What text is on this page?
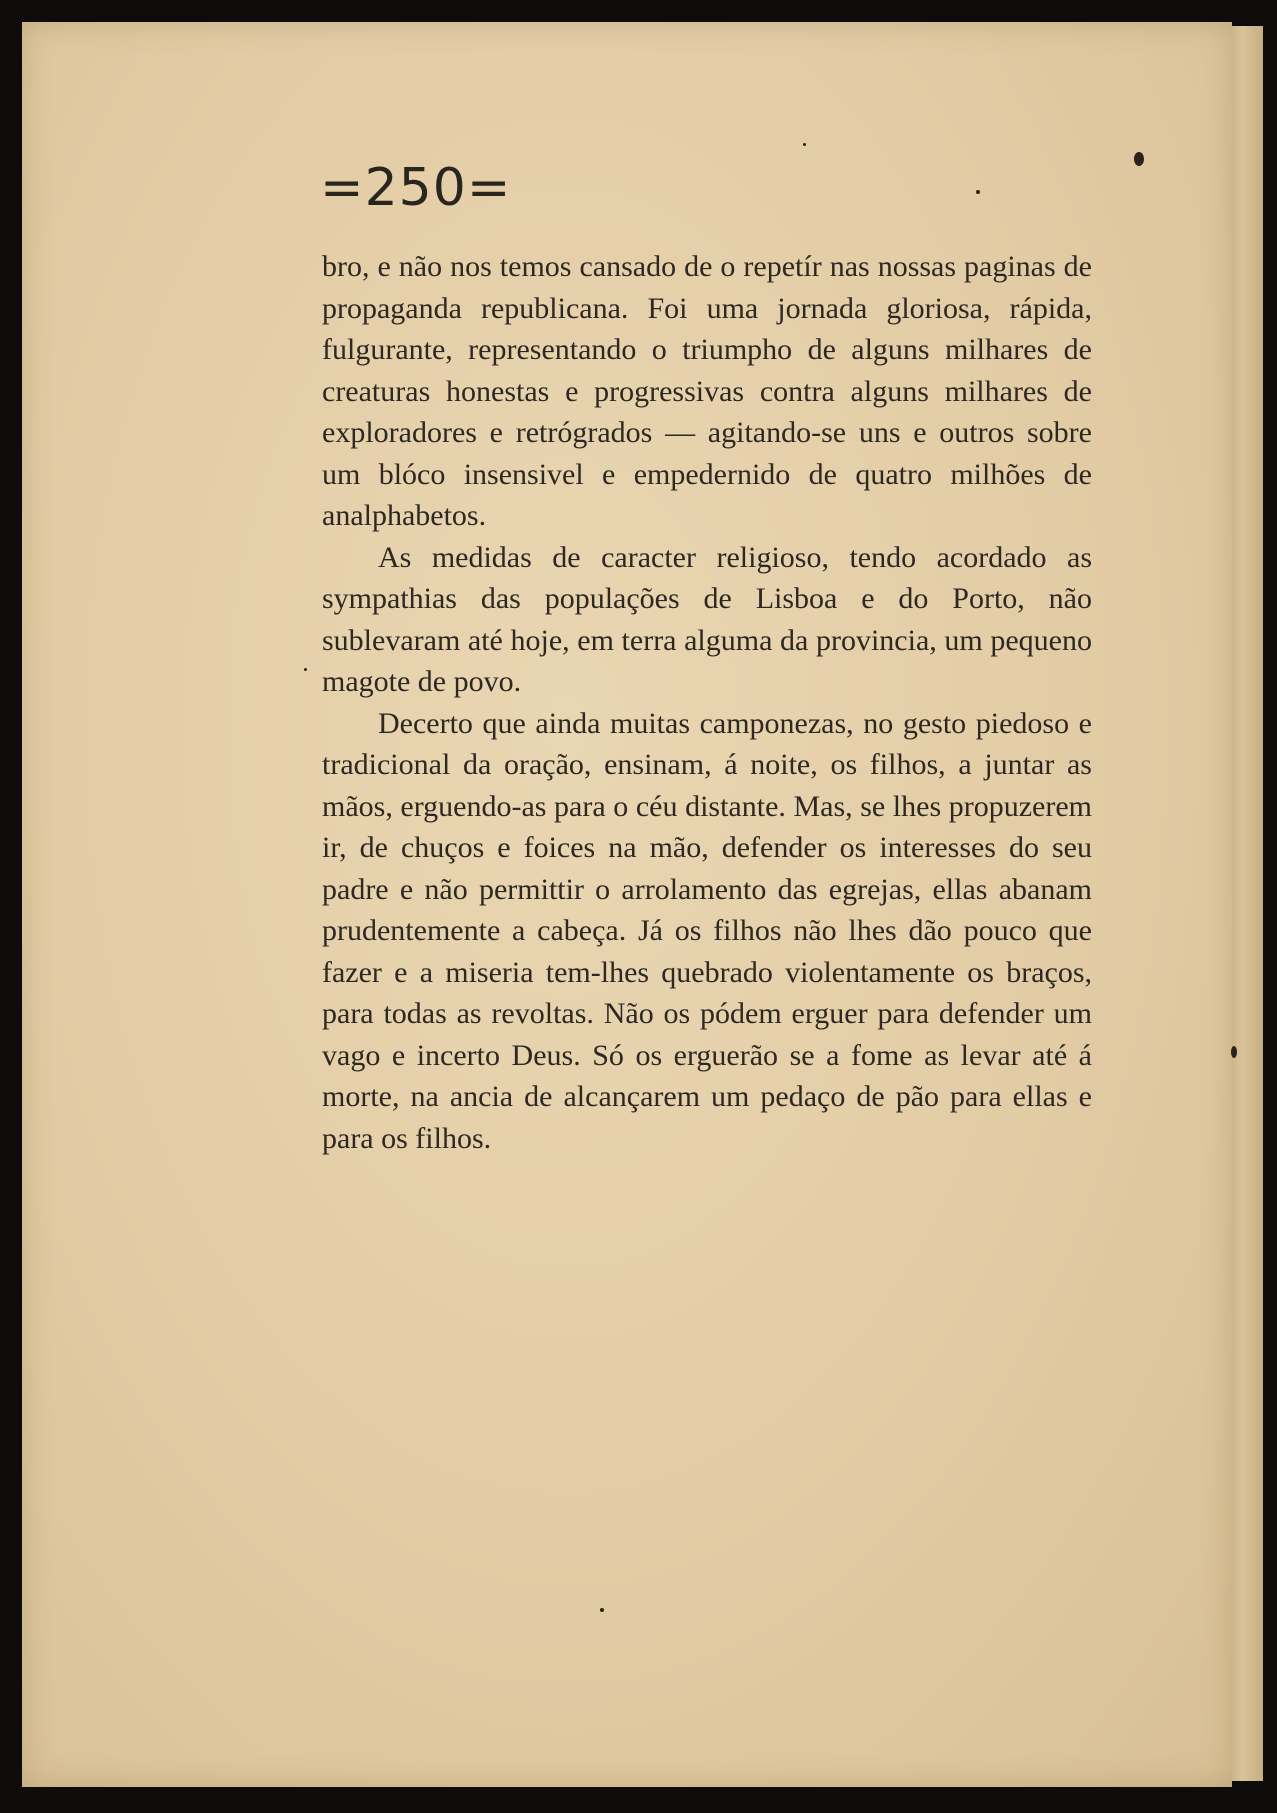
=250=

bro, e não nos temos cansado de o repetír nas nossas paginas de propaganda republicana. Foi uma jornada gloriosa, rápida, fulgurante, representando o triumpho de alguns milhares de creaturas honestas e progressivas contra alguns milhares de exploradores e retrógrados — agitando-se uns e outros sobre um blóco insensivel e empedernido de quatro milhões de analphabetos.

As medidas de caracter religioso, tendo acordado as sympathias das populações de Lisboa e do Porto, não sublevaram até hoje, em terra alguma da provincia, um pequeno magote de povo.

Decerto que ainda muitas camponezas, no gesto piedoso e tradicional da oração, ensinam, á noite, os filhos, a juntar as mãos, erguendo-as para o céu distante. Mas, se lhes propuzerem ir, de chuços e foices na mão, defender os interesses do seu padre e não permittir o arrolamento das egrejas, ellas abanam prudentemente a cabeça. Já os filhos não lhes dão pouco que fazer e a miseria tem-lhes quebrado violentamente os braços, para todas as revoltas. Não os pódem erguer para defender um vago e incerto Deus. Só os erguerão se a fome as levar até á morte, na ancia de alcançarem um pedaço de pão para ellas e para os filhos.
